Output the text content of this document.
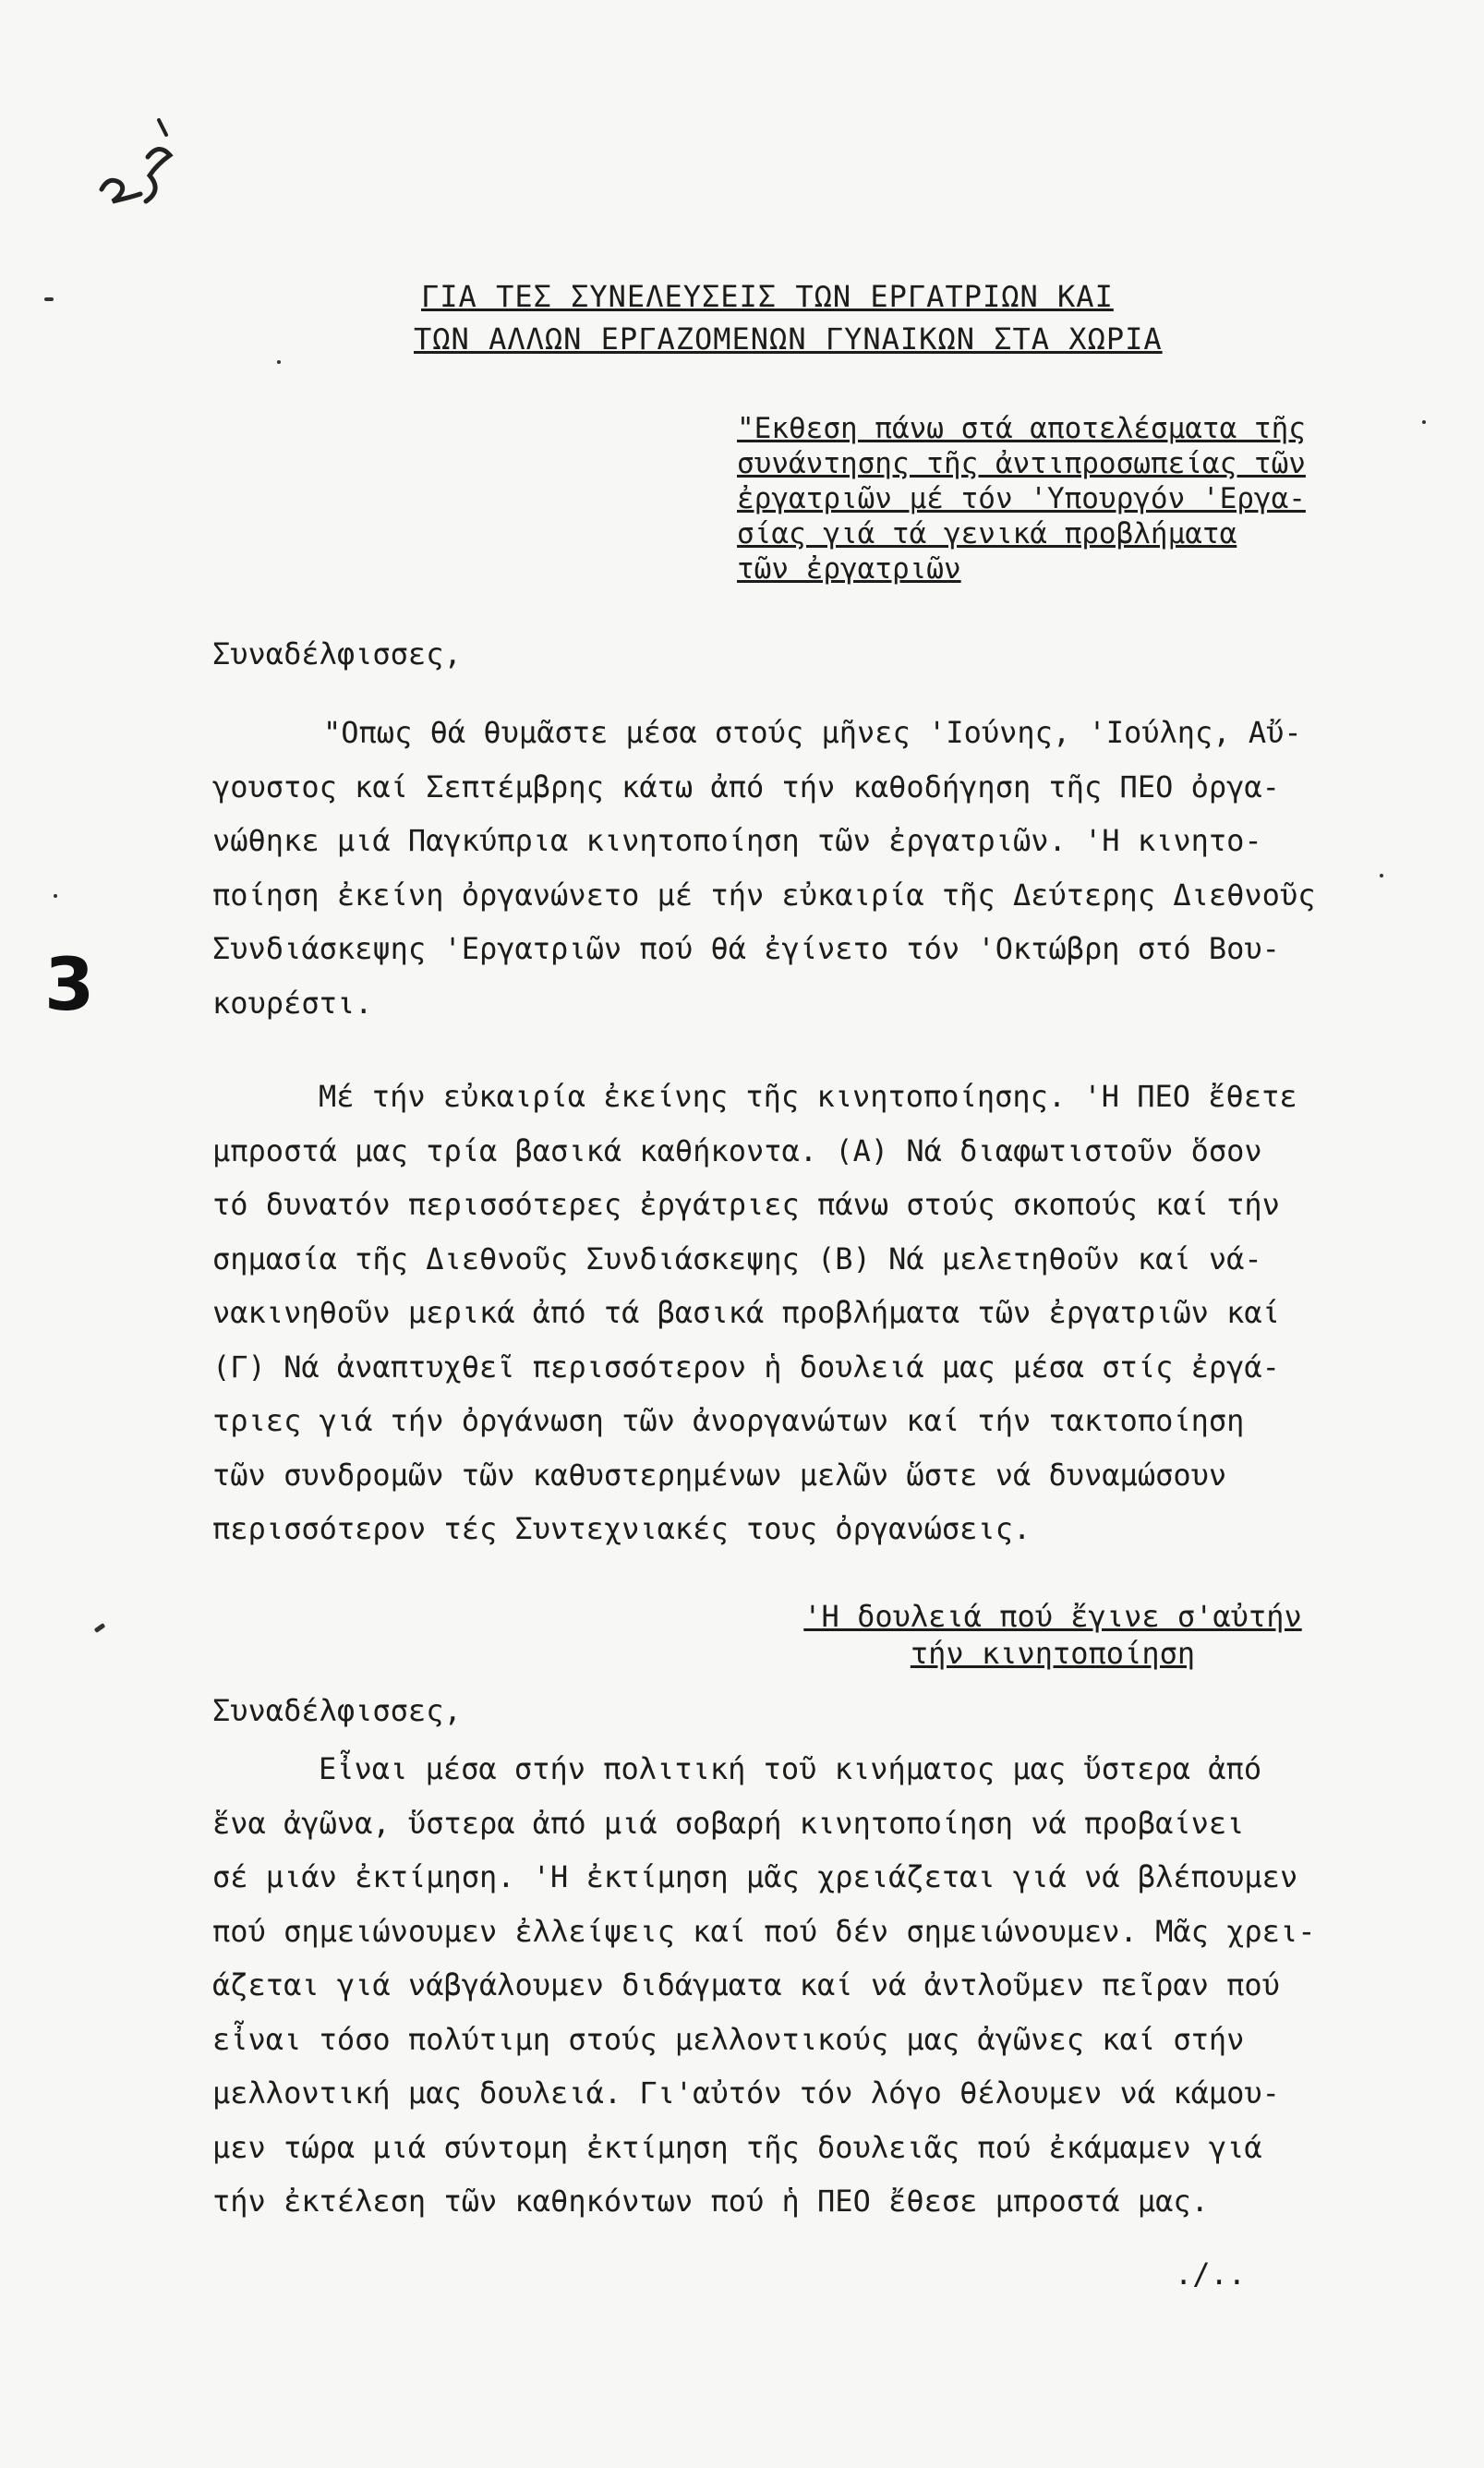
3
ΓΙΑ ΤΕΣ ΣΥΝΕΛΕΥΣΕΙΣ ΤΩΝ ΕΡΓΑΤΡΙΩΝ ΚΑΙ
ΤΩΝ ΑΛΛΩΝ ΕΡΓΑΖΟΜΕΝΩΝ ΓΥΝΑΙΚΩΝ ΣΤΑ ΧΩΡΙΑ
"Εκθεση πάνω στά αποτελέσματα τῆς
συνάντησης τῆς ἀντιπροσωπείας τῶν
ἐργατριῶν μέ τόν 'Υπουργόν 'Εργα-
σίας γιά τά γενικά προβλήματα
τῶν ἐργατριῶν
Συναδέλφισσες,

"Οπως θά θυμᾶστε μέσα στούς μῆνες 'Ιούνης, 'Ιούλης, Αὔ-
γουστος καί Σεπτέμβρης κάτω ἀπό τήν καθοδήγηση τῆς ΠΕΟ ὀργα-
νώθηκε μιά Παγκύπρια κινητοποίηση τῶν ἐργατριῶν. 'Η κινητο-
ποίηση ἐκείνη ὀργανώνετο μέ τήν εὐκαιρία τῆς Δεύτερης Διεθνοῦς
Συνδιάσκεψης 'Εργατριῶν πού θά ἐγίνετο τόν 'Οκτώβρη στό Βου-
κουρέστι.

Μέ τήν εὐκαιρία ἐκείνης τῆς κινητοποίησης. 'Η ΠΕΟ ἔθετε
μπροστά μας τρία βασικά καθήκοντα. (Α) Νά διαφωτιστοῦν ὅσον
τό δυνατόν περισσότερες ἐργάτριες πάνω στούς σκοπούς καί τήν
σημασία τῆς Διεθνοῦς Συνδιάσκεψης (Β) Νά μελετηθοῦν καί νά-
νακινηθοῦν μερικά ἀπό τά βασικά προβλήματα τῶν ἐργατριῶν καί
(Γ) Νά ἀναπτυχθεῖ περισσότερον ἡ δουλειά μας μέσα στίς ἐργά-
τριες γιά τήν ὀργάνωση τῶν ἀνοργανώτων καί τήν τακτοποίηση
τῶν συνδρομῶν τῶν καθυστερημένων μελῶν ὥστε νά δυναμώσουν
περισσότερον τές Συντεχνιακές τους ὀργανώσεις.

'Η δουλειά πού ἔγινε σ'αὐτήν
τήν κινητοποίηση
Συναδέλφισσες,

Εἶναι μέσα στήν πολιτική τοῦ κινήματος μας ὕστερα ἀπό
ἕνα ἀγῶνα, ὕστερα ἀπό μιά σοβαρή κινητοποίηση νά προβαίνει
σέ μιάν ἐκτίμηση. 'Η ἐκτίμηση μᾶς χρειάζεται γιά νά βλέπουμεν
πού σημειώνουμεν ἐλλείψεις καί πού δέν σημειώνουμεν. Μᾶς χρει-
άζεται γιά νάβγάλουμεν διδάγματα καί νά ἀντλοῦμεν πεῖραν πού
εἶναι τόσο πολύτιμη στούς μελλοντικούς μας ἀγῶνες καί στήν
μελλοντική μας δουλειά. Γι'αὐτόν τόν λόγο θέλουμεν νά κάμου-
μεν τώρα μιά σύντομη ἐκτίμηση τῆς δουλειᾶς πού ἐκάμαμεν γιά
τήν ἐκτέλεση τῶν καθηκόντων πού ἡ ΠΕΟ ἔθεσε μπροστά μας.

./..
